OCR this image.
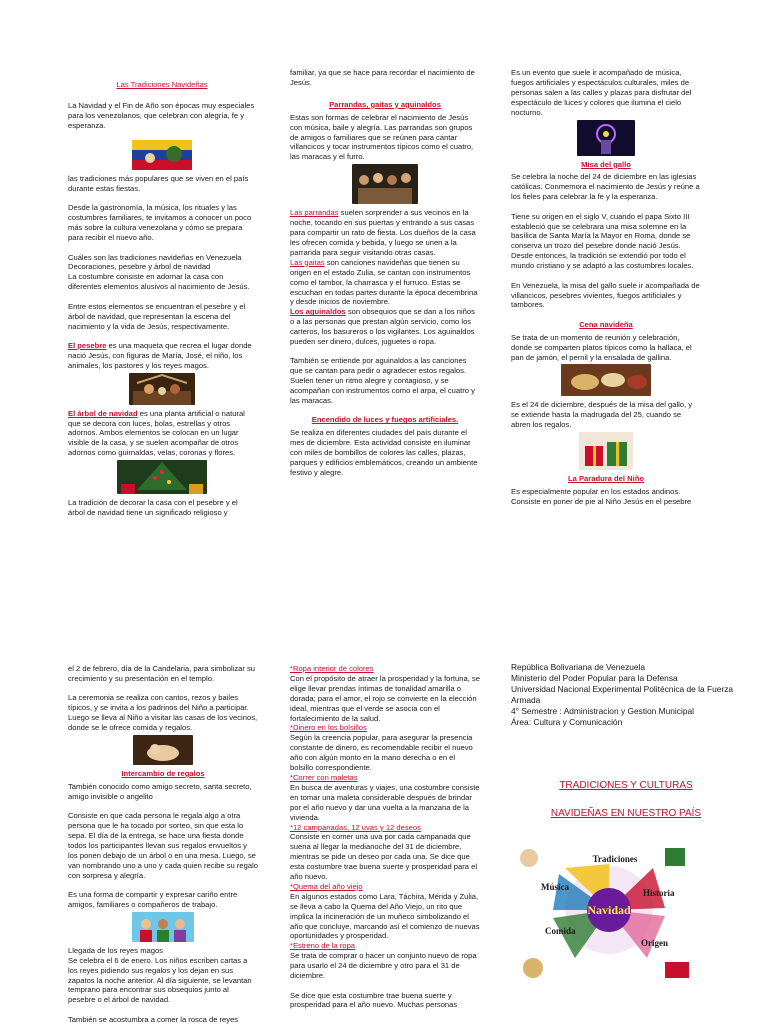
Las Tradiciones Navideñas

La Navidad y el Fin de Año son épocas muy especiales para los venezolanos, que celebran con alegría, fe y esperanza.

las tradiciones más populares que se viven en el país durante estas fiestas.

Desde la gastronomía, la música, los rituales y las costumbres familiares, te invitamos a conocer un poco más sobre la cultura venezolana y cómo se prepara para recibir el nuevo año.

Cuáles son las tradiciones navideñas en Venezuela Decoraciones, pesebre y árbol de navidad
La costumbre consiste en adornar la casa con diferentes elementos alusivos al nacimiento de Jesús.

Entre estos elementos se encuentran el pesebre y el árbol de navidad, que representan la escena del nacimiento y la vida de Jesús, respectivamente.

El pesebre es una maqueta que recrea el lugar donde nació Jesús, con figuras de María, José, el niño, los animales, los pastores y los reyes magos.

El árbol de navidad es una planta artificial o natural que se decora con luces, bolas, estrellas y otros adornos. Ambos elementos se colocan en un lugar visible de la casa, y se suelen acompañar de otros adornos como guirnaldas, velas, coronas y flores.

La tradición de decorar la casa con el pesebre y el árbol de navidad tiene un significado religioso y

familiar, ya que se hace para recordar el nacimiento de Jesús.

Parrandas, gaitas y aguinaldos

Estas son formas de celebrar el nacimiento de Jesús con música, baile y alegría. Las parrandas son grupos de amigos o familiares que se reúnen para cantar villancicos y tocar instrumentos típicos como el cuatro, las maracas y el furro.

Las parrandas suelen sorprender a sus vecinos en la noche, tocando en sus puertas y entrando a sus casas para compartir un rato de fiesta. Los dueños de la casa les ofrecen comida y bebida, y luego se unen a la parranda para seguir visitando otras casas.

Las gaitas son canciones navideñas que tienen su origen en el estado Zulia, se cantan con instrumentos como el tambor, la charrasca y el furruco. Estas se escuchan en todas partes durante la época decembrina y desde inicios de noviembre.

Los aguinaldos son obsequios que se dan a los niños o a las personas que prestan algún servicio, como los carteros, los basureros o los vigilantes. Los aguinaldos pueden ser dinero, dulces, juguetes o ropa.

También se entiende por aguinaldos a las canciones que se cantan para pedir o agradecer estos regalos. Suelen tener un ritmo alegre y contagioso, y se acompañan con instrumentos como el arpa, el cuatro y las maracas.

Encendido de luces y fuegos artificiales.

Se realiza en diferentes ciudades del país durante el mes de diciembre. Esta actividad consiste en iluminar con miles de bombillos de colores las calles, plazas, parques y edificios emblemáticos, creando un ambiente festivo y alegre.

Es un evento que suele ir acompañado de música, fuegos artificiales y espectáculos culturales, miles de personas salen a las calles y plazas para disfrutar del espectáculo de luces y colores que ilumina el cielo nocturno.

Misa del gallo

Se celebra la noche del 24 de diciembre en las iglesias católicas. Conmemora el nacimiento de Jesús y reúne a los fieles para celebrar la fe y la esperanza.

Tiene su origen en el siglo V, cuando el papa Sixto III estableció que se celebrara una misa solemne en la basílica de Santa María la Mayor en Roma, donde se conserva un trozo del pesebre donde nació Jesús. Desde entonces, la tradición se extendió por todo el mundo cristiano y se adaptó a las costumbres locales.

En Venezuela, la misa del gallo suele ir acompañada de villancicos, pesebres vivientes, fuegos artificiales y tambores.

Cena navideña

Se trata de un momento de reunión y celebración, donde se comparten platos típicos como la hallaca, el pan de jamón, el pernil y la ensalada de gallina.

Es el 24 de diciembre, después de la misa del gallo, y se extiende hasta la madrugada del 25, cuando se abren los regalos.

La Paradura del Niño

Es especialmente popular en los estados andinos. Consiste en poner de pie al Niño Jesús en el pesebre

el 2 de febrero, día de la Candelaria, para simbolizar su crecimiento y su presentación en el templo.

La ceremonia se realiza con cantos, rezos y bailes típicos, y se invita a los padrinos del Niño a participar. Luego se lleva al Niño a visitar las casas de los vecinos, donde se le ofrece comida y regalos.

Intercambio de regalos

También conocido como amigo secreto, santa secreto, amigo invisible o angelito

Consiste en que cada persona le regala algo a otra persona que le ha tocado por sorteo, sin que esta lo sepa. El día de la entrega, se hace una fiesta donde todos los participantes llevan sus regalos envueltos y los ponen debajo de un árbol o en una mesa. Luego, se van nombrando uno a uno y cada quien recibe su regalo con sorpresa y alegría.

Es una forma de compartir y expresar cariño entre amigos, familiares o compañeros de trabajo.

Llegada de los reyes magos
Se celebra el 6 de enero. Los niños escriben cartas a los reyes pidiendo sus regalos y los dejan en sus zapatos la noche anterior. Al día siguiente, se levantan temprano para encontrar sus obsequios junto al pesebre o el árbol de navidad.

También se acostumbra a comer la rosca de reyes

*Ropa interior de colores

Con el propósito de atraer la prosperidad y la fortuna, se elige llevar prendas íntimas de tonalidad amarilla o dorada; para el amor, el rojo se convierte en la elección ideal, mientras que el verde se asocia con el fortalecimiento de la salud.

*Dinero en los bolsillos

Según la creencia popular, para asegurar la presencia constante de dinero, es recomendable recibir el nuevo año con algún monto en la mano derecha o en el bolsillo correspondiente.

*Correr con maletas

En busca de aventuras y viajes, una costumbre consiste en tomar una maleta considerable después de brindar por el año nuevo y dar una vuelta a la manzana de la vivienda.

*12 campanadas, 12 uvas y 12 deseos

Consiste en comer una uva por cada campanada que suena al llegar la medianoche del 31 de diciembre, mientras se pide un deseo por cada una. Se dice que esta costumbre trae buena suerte y prosperidad para el año nuevo.

*Quema del año viejo

En algunos estados como Lara, Táchira, Mérida y Zulia, se lleva a cabo la Quema del Año Viejo, un rito que implica la incineración de un muñeco simbolizando el año que concluye, marcando así el comienzo de nuevas oportunidades y prosperidad.

*Estreno de la ropa

Se trata de comprar o hacer un conjunto nuevo de ropa para usarlo el 24 de diciembre y otro para el 31 de diciembre.

Se dice que esta costumbre trae buena suerte y prosperidad para el año nuevo. Muchas personas

República Bolivariana de Venezuela
Ministerio del Poder Popular para la Defensa
Universidad Nacional Experimental Politécnica de la Fuerza Armada
4° Semestre : Administracion y Gestion Municipal
Área: Cultura y Comunicación
TRADICIONES Y CULTURAS
NAVIDEÑAS EN NUESTRO PAÍS
Navidad
Tradiciones
Música
Historia
Comida
Origen
